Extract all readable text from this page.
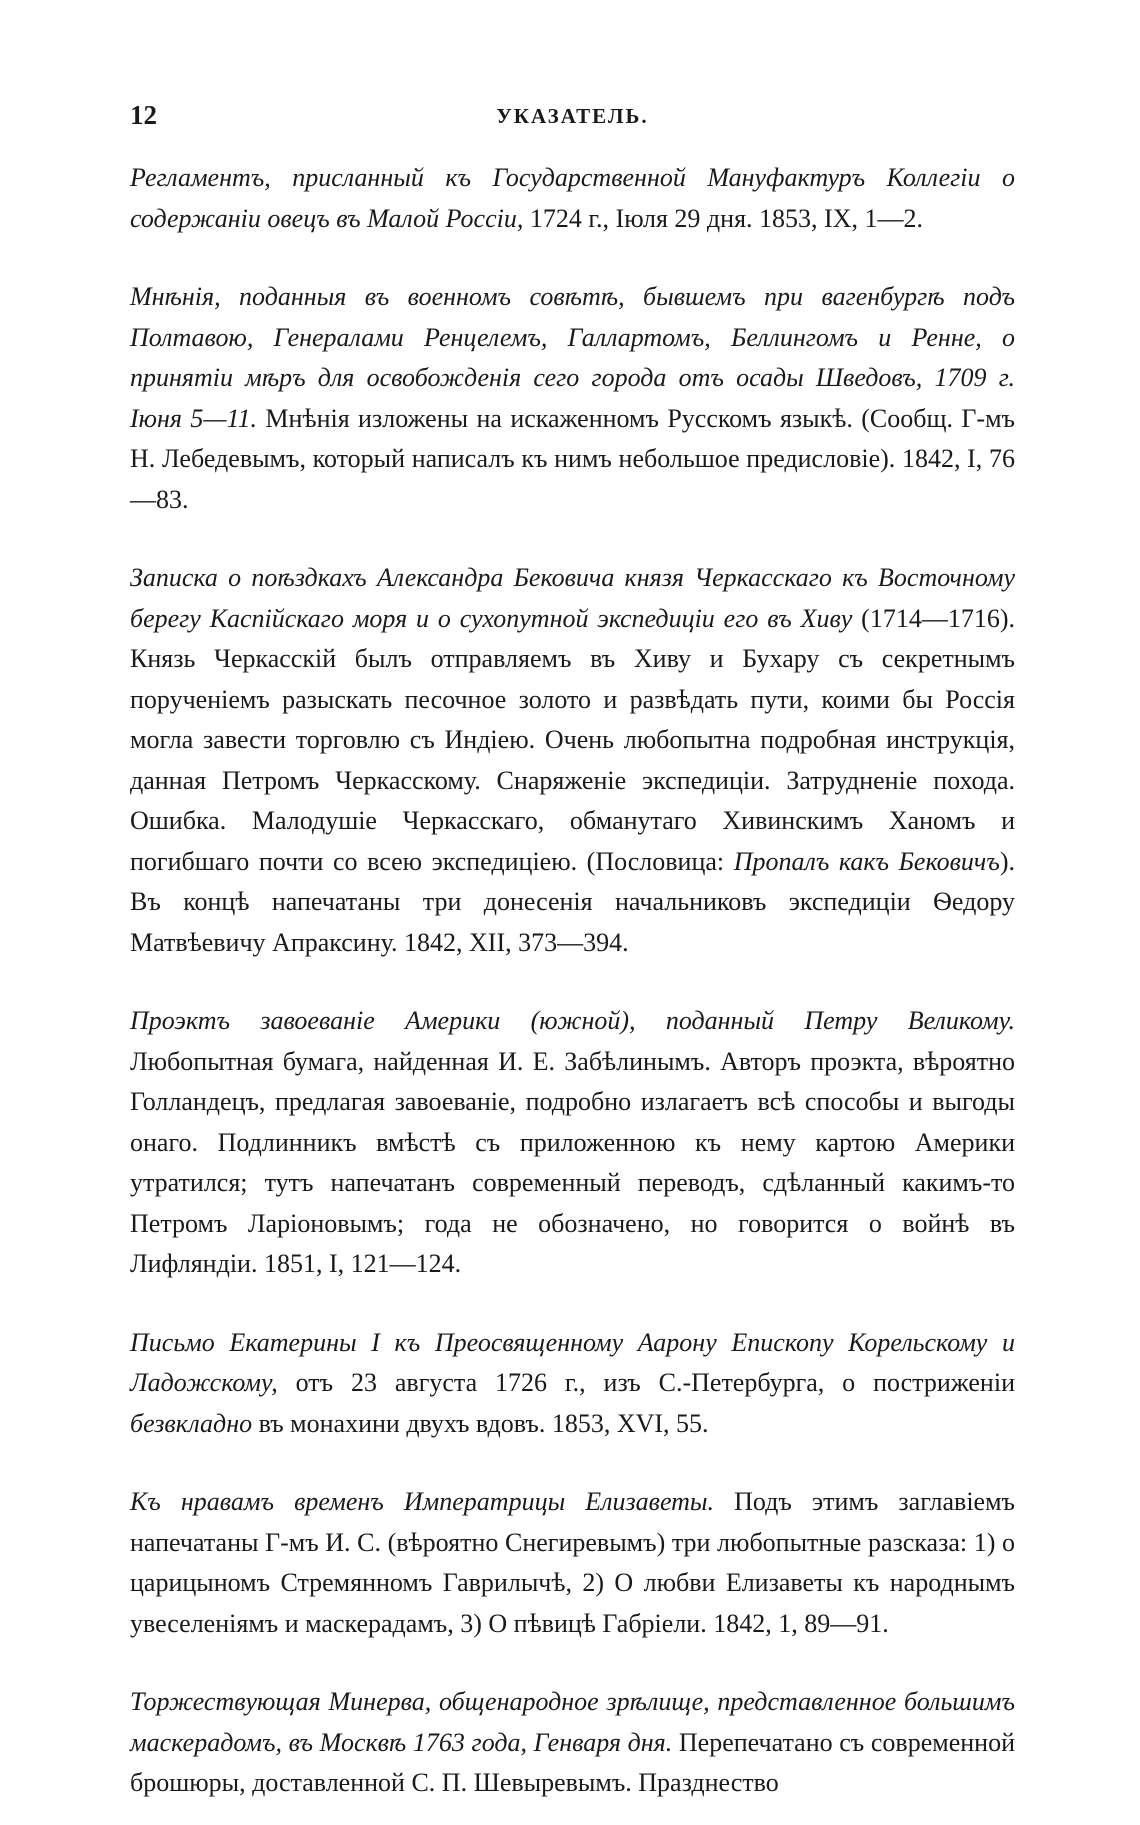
12	УКАЗАТЕЛЬ.

Регламентъ, присланный къ Государственной Мануфактуръ Коллегіи о содержаніи овецъ въ Малой Россіи, 1724 г., Іюля 29 дня. 1853, IX, 1—2.

Мнѣнія, поданныя въ военномъ совѣтѣ, бывшемъ при вагенбургѣ подъ Полтавою, Генералами Ренцелемъ, Галлартомъ, Беллингомъ и Ренне, о принятіи мѣръ для освобожденія сего города отъ осады Шведовъ, 1709 г. Іюня 5—11. Мнѣнія изложены на искаженномъ Русскомъ языкѣ. (Сообщ. Г-мъ Н. Лебедевымъ, который написалъ къ нимъ небольшое предисловіе). 1842, I, 76—83.

Записка о поѣздкахъ Александра Бековича князя Черкасскаго къ Восточному берегу Каспійскаго моря и о сухопутной экспедиціи его въ Хиву (1714—1716). Князь Черкасскій былъ отправляемъ въ Хиву и Бухару съ секретнымъ порученіемъ разыскать песочное золото и развѣдать пути, коими бы Россія могла завести торговлю съ Индіею. Очень любопытна подробная инструкція, данная Петромъ Черкасскому. Снаряженіе экспедиціи. Затрудненіе похода. Ошибка. Малодушіе Черкасскаго, обманутаго Хивинскимъ Ханомъ и погибшаго почти со всею экспедиціею. (Пословица: Пропалъ какъ Бековичъ). Въ концѣ напечатаны три донесенія начальниковъ экспедиціи Ѳедору Матвѣевичу Апраксину. 1842, XII, 373—394.

Проэктъ завоеваніе Америки (южной), поданный Петру Великому. Любопытная бумага, найденная И. Е. Забѣлинымъ. Авторъ проэкта, вѣроятно Голландецъ, предлагая завоеваніе, подробно излагаетъ всѣ способы и выгоды онаго. Подлинникъ вмѣстѣ съ приложенною къ нему картою Америки утратился; тутъ напечатанъ современный переводъ, сдѣланный какимъ-то Петромъ Ларіоновымъ; года не обозначено, но говорится о войнѣ въ Лифляндіи. 1851, I, 121—124.

Письмо Екатерины I къ Преосвященному Аарону Епископу Корельскому и Ладожскому, отъ 23 августа 1726 г., изъ С.-Петербурга, о постриженіи безвкладно въ монахини двухъ вдовъ. 1853, XVI, 55.

Къ нравамъ временъ Императрицы Елизаветы. Подъ этимъ заглавіемъ напечатаны Г-мъ И. С. (вѣроятно Снегиревымъ) три любопытные разсказа: 1) о царицыномъ Стремянномъ Гаврилычѣ, 2) О любви Елизаветы къ народнымъ увеселеніямъ и маскерадамъ, 3) О пѣвицѣ Габріели. 1842, 1, 89—91.

Торжествующая Минерва, общенародное зрѣлище, представленное большимъ маскерадомъ, въ Москвѣ 1763 года, Генваря дня. Перепечатано съ современной брошюры, доставленной С. П. Шевыревымъ. Празднество
